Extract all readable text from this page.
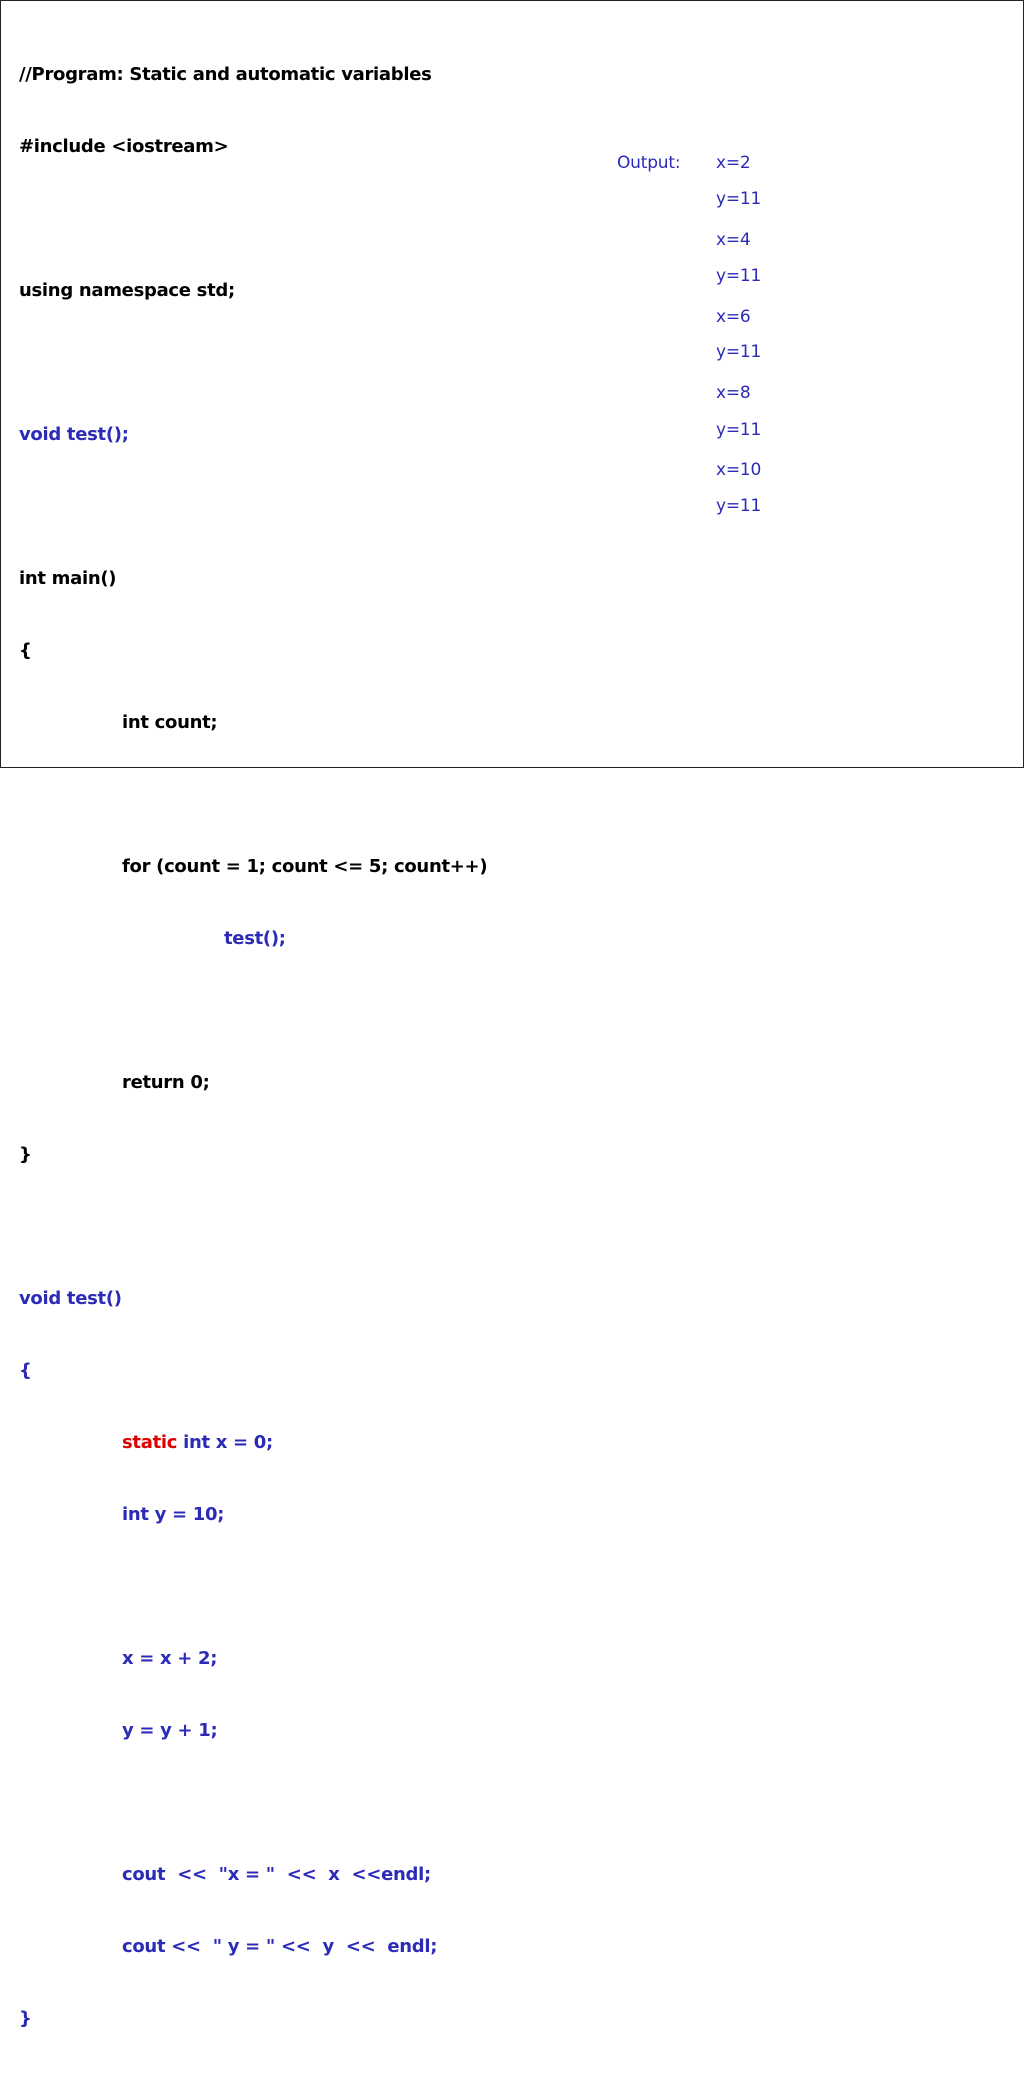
//Program: Static and automatic variables

#include <iostream>

using namespace std;

void test();

int main()

{

int count;

for (count = 1; count <= 5; count++)

test();

return 0;

}

void test()

{

static int x = 0;

int y = 10;

x = x + 2;

y = y + 1;

cout  <<  "x = "  <<  x  <<endl;

cout <<  " y = " <<  y  <<  endl;

}

Output: x=2
y=11
x=4
y=11
x=6
y=11
x=8
y=11
x=10
y=11
